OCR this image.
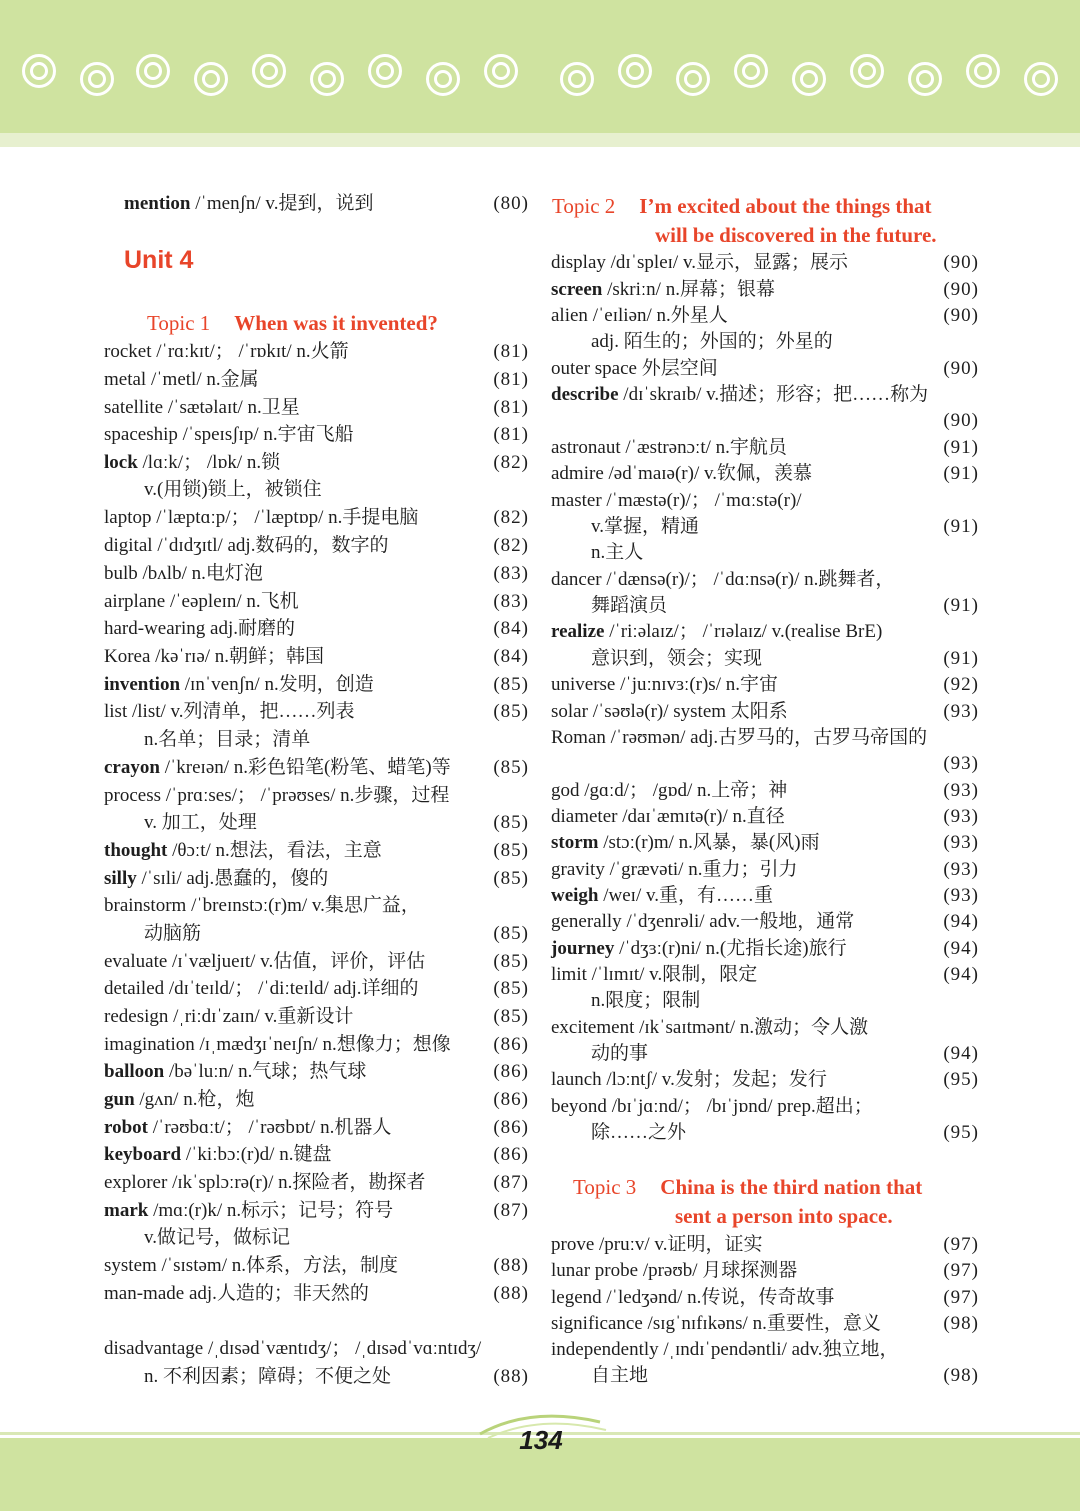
Unit 4
Topic 1 When was it invented?
Topic 2 I’m excited about the things that
will be discovered in the future.
Topic 3 China is the third nation that
sent a person into space.
mention /ˈmenʃn/ v.提到，说到	(80)
rocket /ˈrɑːkɪt/； /ˈrɒkɪt/ n.火箭	(81)
metal /ˈmetl/ n.金属	(81)
satellite /ˈsætəlaɪt/ n.卫星	(81)
spaceship /ˈspeɪsʃɪp/ n.宇宙飞船	(81)
lock /lɑːk/； /lɒk/ n.锁	(82)
v.(用锁)锁上，被锁住
laptop /ˈlæptɑːp/； /ˈlæptɒp/ n.手提电脑	(82)
digital /ˈdɪdʒɪtl/ adj.数码的，数字的	(82)
bulb /bʌlb/ n.电灯泡	(83)
airplane /ˈeəpleɪn/ n.飞机	(83)
hard-wearing adj.耐磨的	(84)
Korea /kəˈrɪə/ n.朝鲜；韩国	(84)
invention /ɪnˈvenʃn/ n.发明，创造	(85)
list /list/ v.列清单，把……列表	(85)
n.名单；目录；清单
crayon /ˈkreɪən/ n.彩色铅笔(粉笔、蜡笔)等 (85)
process /ˈprɑːses/； /ˈprəʊses/ n.步骤，过程
v. 加工，处理	(85)
thought /θɔːt/ n.想法，看法，主意	(85)
silly /ˈsɪli/ adj.愚蠢的，傻的	(85)
brainstorm /ˈbreɪnstɔː(r)m/ v.集思广益，
动脑筋	(85)
evaluate /ɪˈvæljueɪt/ v.估值，评价，评估	(85)
detailed /dɪˈteɪld/； /ˈdiːteɪld/ adj.详细的	(85)
redesign /ˌriːdɪˈzaɪn/ v.重新设计	(85)
imagination /ɪˌmædʒɪˈneɪʃn/ n.想像力；想像 (86)
balloon /bəˈluːn/ n.气球；热气球	(86)
gun /gʌn/ n.枪，炮	(86)
robot /ˈrəʊbɑːt/； /ˈrəʊbɒt/ n.机器人	(86)
keyboard /ˈkiːbɔː(r)d/ n.键盘	(86)
explorer /ɪkˈsplɔːrə(r)/ n.探险者，勘探者	(87)
mark /mɑː(r)k/ n.标示；记号；符号	(87)
v.做记号，做标记
system /ˈsɪstəm/ n.体系，方法，制度	(88)
man-made adj.人造的；非天然的	(88)
disadvantage /ˌdɪsədˈvæntɪdʒ/； /ˌdɪsədˈvɑːntɪdʒ/
n. 不利因素；障碍；不便之处	(88)
display /dɪˈspleɪ/ v.显示，显露；展示	(90)
screen /skriːn/ n.屏幕；银幕	(90)
alien /ˈeɪliən/ n.外星人	(90)
adj. 陌生的；外国的；外星的
outer space 外层空间	(90)
describe /dɪˈskraɪb/ v.描述；形容；把……称为
(90)
astronaut /ˈæstrənɔːt/ n.宇航员	(91)
admire /ədˈmaɪə(r)/ v.钦佩，羡慕	(91)
master /ˈmæstə(r)/； /ˈmɑːstə(r)/
v.掌握，精通	(91)
n.主人
dancer /ˈdænsə(r)/； /ˈdɑːnsə(r)/ n.跳舞者，
舞蹈演员	(91)
realize /ˈriːəlaɪz/； /ˈrɪəlaɪz/ v.(realise BrE)
意识到，领会；实现	(91)
universe /ˈjuːnɪvɜː(r)s/ n.宇宙	(92)
solar /ˈsəʊlə(r)/ system 太阳系	(93)
Roman /ˈrəʊmən/ adj.古罗马的，古罗马帝国的
(93)
god /gɑːd/； /gɒd/ n.上帝；神	(93)
diameter /daɪˈæmɪtə(r)/ n.直径	(93)
storm /stɔː(r)m/ n.风暴，暴(风)雨	(93)
gravity /ˈgrævəti/ n.重力；引力	(93)
weigh /weɪ/ v.重，有……重	(93)
generally /ˈdʒenrəli/ adv.一般地，通常	(94)
journey /ˈdʒɜː(r)ni/ n.(尤指长途)旅行	(94)
limit /ˈlɪmɪt/ v.限制，限定	(94)
n.限度；限制
excitement /ɪkˈsaɪtmənt/ n.激动；令人激
动的事	(94)
launch /lɔːntʃ/ v.发射；发起；发行	(95)
beyond /bɪˈjɑːnd/； /bɪˈjɒnd/ prep.超出；
除……之外	(95)
prove /pruːv/ v.证明，证实	(97)
lunar probe /prəʊb/ 月球探测器	(97)
legend /ˈledʒənd/ n.传说，传奇故事	(97)
significance /sɪgˈnɪfɪkəns/ n.重要性，意义	(98)
independently /ˌɪndɪˈpendəntli/ adv.独立地，
自主地	(98)
134
